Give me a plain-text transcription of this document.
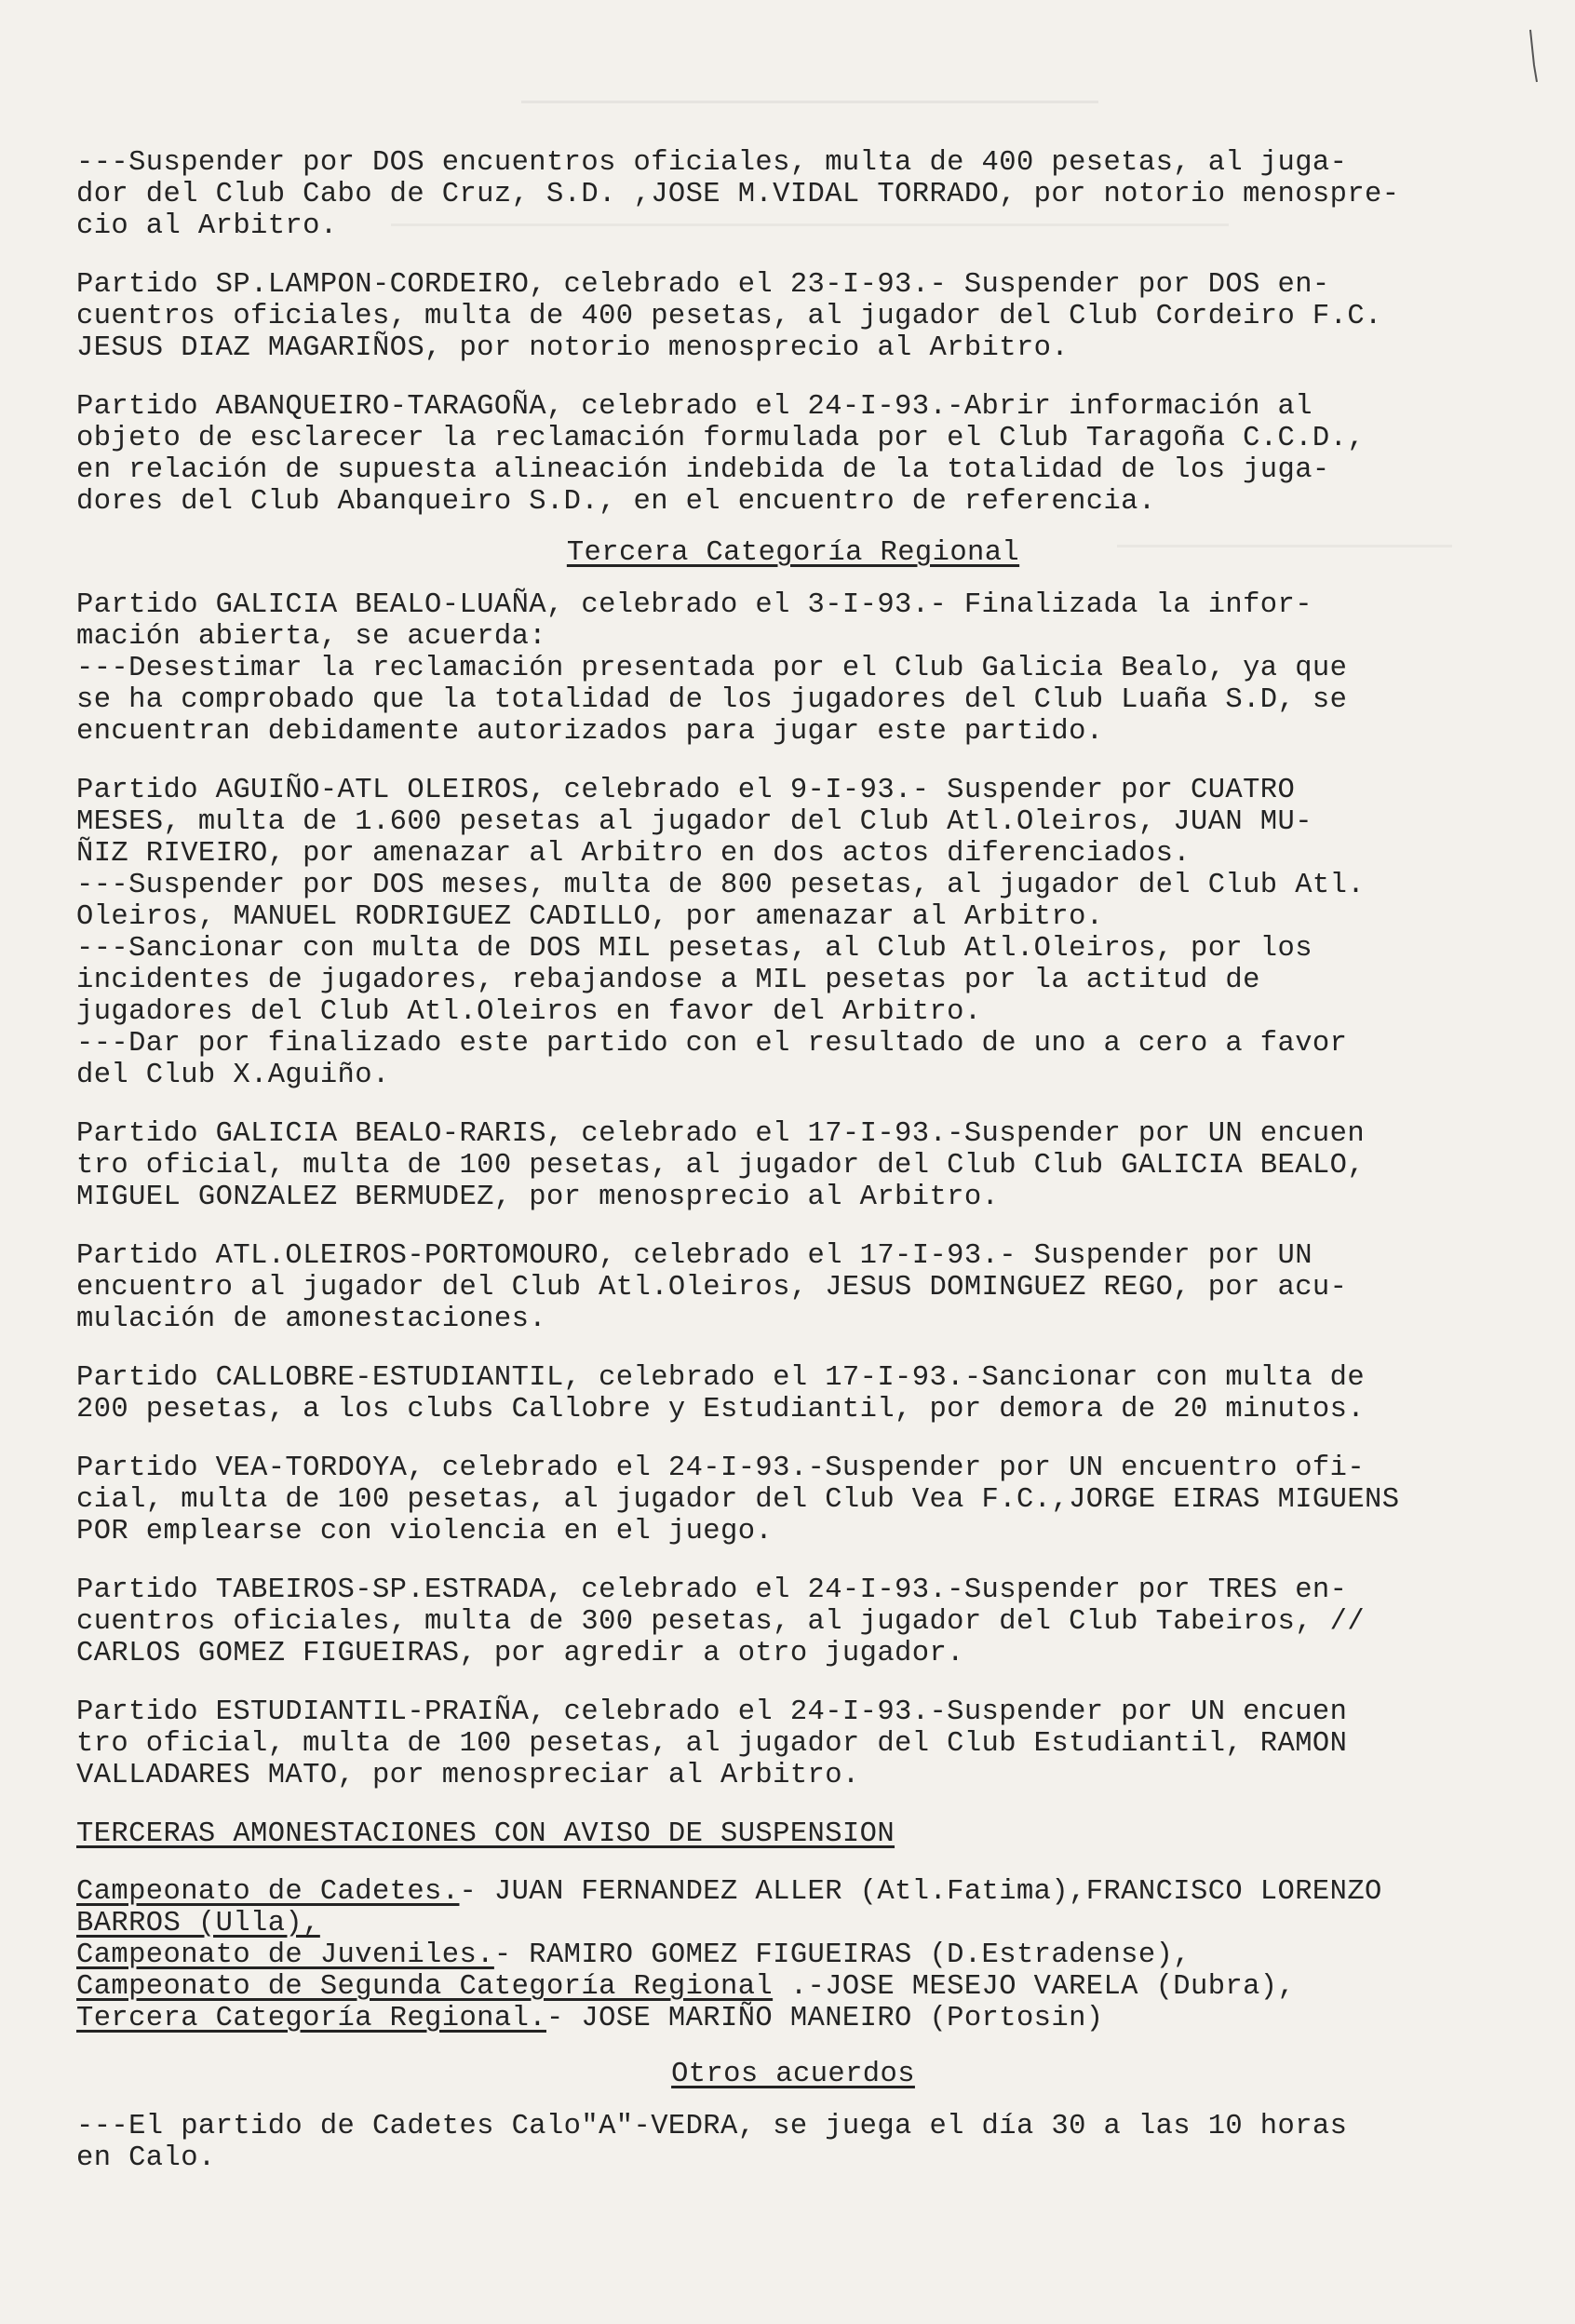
---Suspender por DOS encuentros oficiales, multa de 400 pesetas, al juga-

dor del Club Cabo de Cruz, S.D. ,JOSE M.VIDAL TORRADO, por notorio menospre-

cio al Arbitro.

Partido SP.LAMPON-CORDEIRO, celebrado el 23-I-93.- Suspender por DOS en-

cuentros oficiales, multa de 400 pesetas, al jugador del Club Cordeiro F.C.

JESUS DIAZ MAGARIÑOS, por notorio menosprecio al Arbitro.

Partido ABANQUEIRO-TARAGOÑA, celebrado el 24-I-93.-Abrir información al

objeto de esclarecer la reclamación formulada por el Club Taragoña C.C.D.,

en relación de supuesta alineación indebida de la totalidad de los juga-

dores del Club Abanqueiro S.D., en el encuentro de referencia.

Tercera Categoría Regional

Partido GALICIA BEALO-LUAÑA, celebrado el 3-I-93.- Finalizada la infor-

mación abierta, se acuerda:

---Desestimar la reclamación presentada por el Club Galicia Bealo, ya que

se ha comprobado que la totalidad de los jugadores del Club Luaña S.D, se

encuentran debidamente autorizados para jugar este partido.

Partido AGUIÑO-ATL OLEIROS, celebrado el 9-I-93.- Suspender por CUATRO

MESES, multa de 1.600 pesetas al jugador del Club Atl.Oleiros, JUAN MU-

ÑIZ RIVEIRO, por amenazar al Arbitro en dos actos diferenciados.

---Suspender por DOS meses, multa de 800 pesetas, al jugador del Club Atl.

Oleiros, MANUEL RODRIGUEZ CADILLO, por amenazar al Arbitro.

---Sancionar con multa de DOS MIL pesetas, al Club Atl.Oleiros, por los

incidentes de jugadores, rebajandose a MIL pesetas por la actitud de

jugadores del Club Atl.Oleiros en favor del Arbitro.

---Dar por finalizado este partido con el resultado de uno a cero a favor

del Club X.Aguiño.

Partido GALICIA BEALO-RARIS, celebrado el 17-I-93.-Suspender por UN encuen

tro oficial, multa de 100 pesetas, al jugador del Club Club GALICIA BEALO,

MIGUEL GONZALEZ BERMUDEZ, por menosprecio al Arbitro.

Partido ATL.OLEIROS-PORTOMOURO, celebrado el 17-I-93.- Suspender por UN

encuentro al jugador del Club Atl.Oleiros, JESUS DOMINGUEZ REGO, por acu-

mulación de amonestaciones.

Partido CALLOBRE-ESTUDIANTIL, celebrado el 17-I-93.-Sancionar con multa de

200 pesetas, a los clubs Callobre y Estudiantil, por demora de 20 minutos.

Partido VEA-TORDOYA, celebrado el 24-I-93.-Suspender por UN encuentro ofi-

cial, multa de 100 pesetas, al jugador del Club Vea F.C.,JORGE EIRAS MIGUENS

POR emplearse con violencia en el juego.

Partido TABEIROS-SP.ESTRADA, celebrado el 24-I-93.-Suspender por TRES en-

cuentros oficiales, multa de 300 pesetas, al jugador del Club Tabeiros, //

CARLOS GOMEZ FIGUEIRAS, por agredir a otro jugador.

Partido ESTUDIANTIL-PRAIÑA, celebrado el 24-I-93.-Suspender por UN encuen

tro oficial, multa de 100 pesetas, al jugador del Club Estudiantil, RAMON

VALLADARES MATO, por menospreciar al Arbitro.

TERCERAS AMONESTACIONES CON AVISO DE SUSPENSION

Campeonato de Cadetes.- JUAN FERNANDEZ ALLER (Atl.Fatima),FRANCISCO LORENZO

BARROS (Ulla),

Campeonato de Juveniles.- RAMIRO GOMEZ FIGUEIRAS (D.Estradense),

Campeonato de Segunda Categoría Regional .-JOSE MESEJO VARELA (Dubra),

Tercera Categoría Regional.- JOSE MARIÑO MANEIRO (Portosin)

Otros acuerdos

---El partido de Cadetes Calo"A"-VEDRA, se juega el día 30 a las 10 horas

en Calo.
